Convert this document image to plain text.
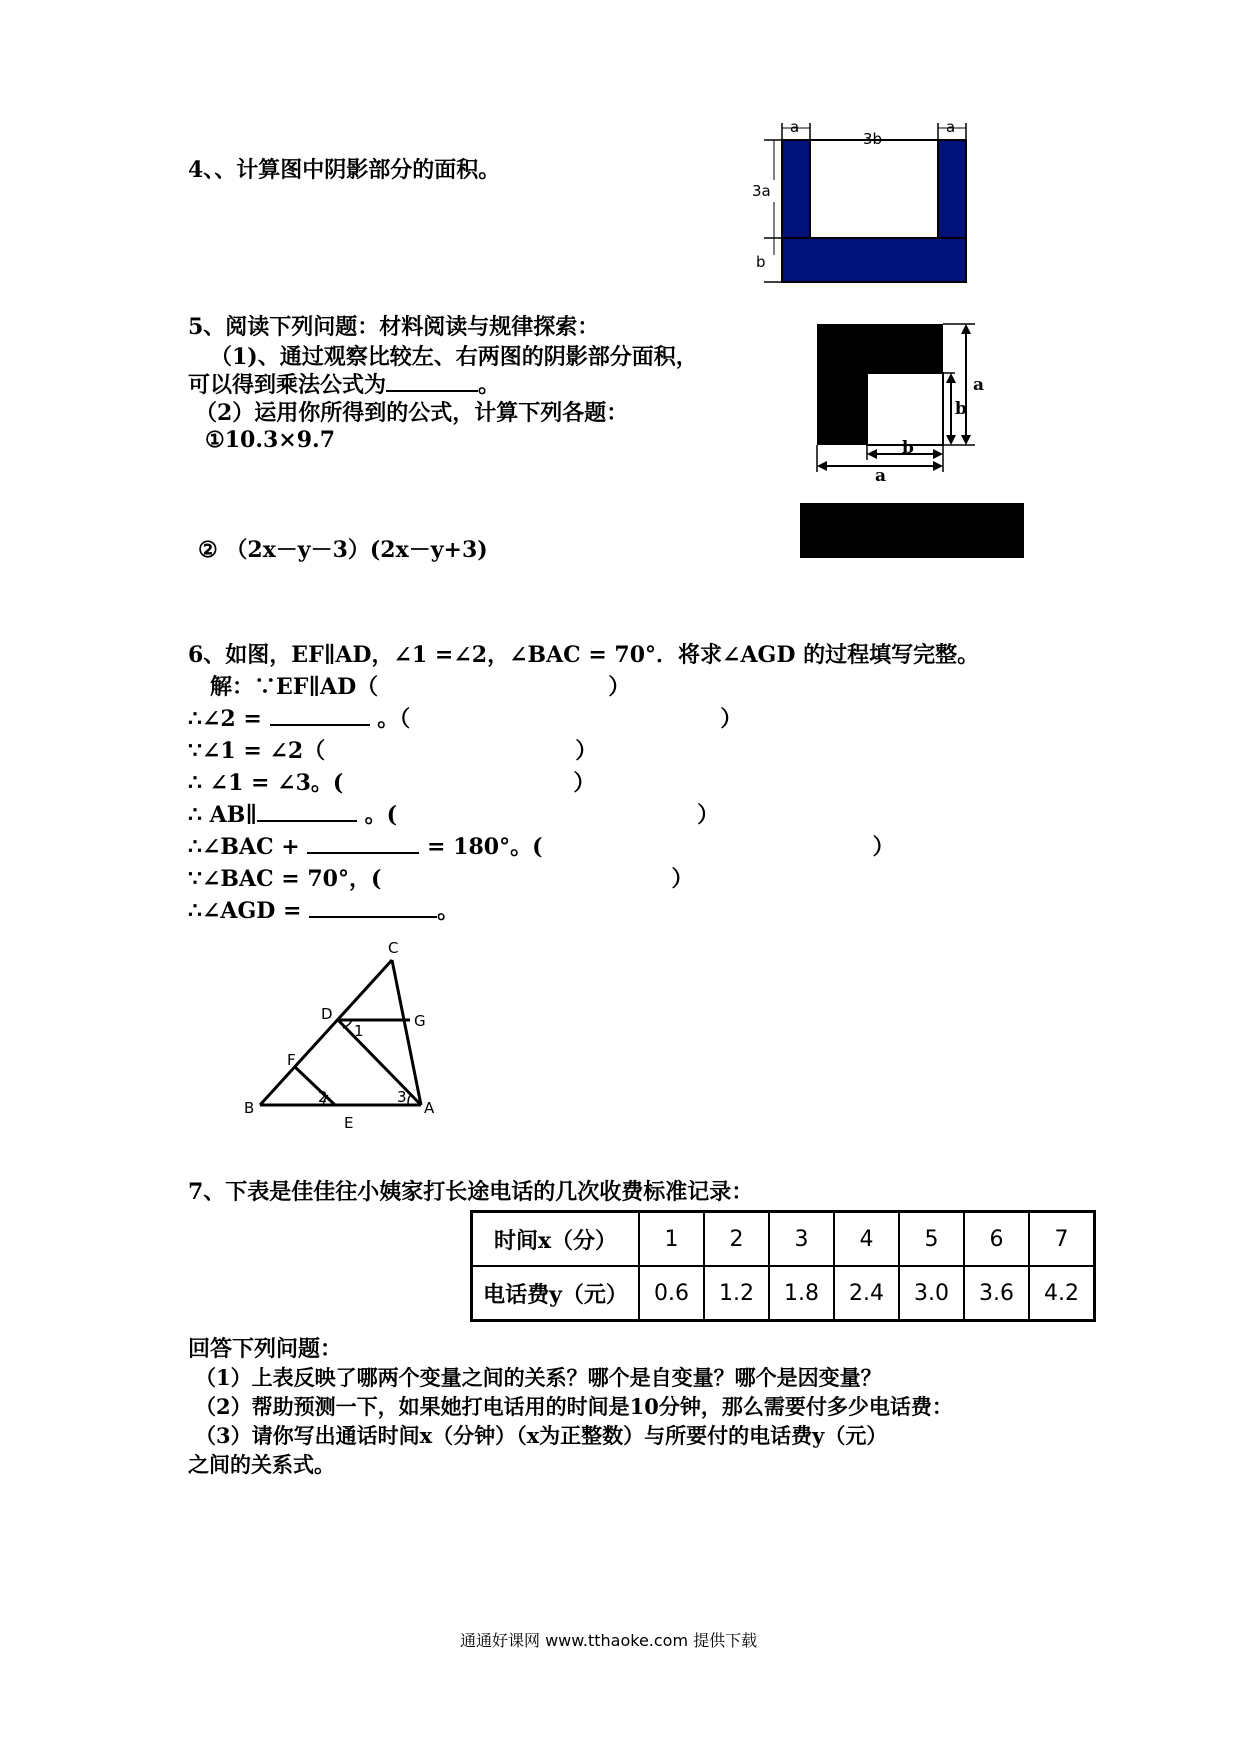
4、、计算图中阴影部分的面积。
a
3b
a
3a
b
5、阅读下列问题：材料阅读与规律探索：
（1)、通过观察比较左、右两图的阴影部分面积，
可以得到乘法公式为	。
（2）运用你所得到的公式，计算下列各题：
①10.3×9.7
② （2x－y－3）(2x－y+3)
a
b
b
a
6、如图，EF∥AD，∠1 =∠2，∠BAC = 70°．将求∠AGD 的过程填写完整。
解：∵EF∥AD（	）
∴∠2 =	。（	）
∵∠1 = ∠2（	）
∴ ∠1 = ∠3。(	）
∴ AB∥	。(	）
∴∠BAC +	= 180°。(	）
∵∠BAC = 70°，(	）
∴∠AGD =	。
C
D	G
1
F
B
2	3
A
E
7、下表是佳佳往小姨家打长途电话的几次收费标准记录：
时间x（分）	1	2	3	4	5	6	7
电话费y（元）	0.6	1.2	1.8	2.4	3.0	3.6	4.2
回答下列问题：
（1）上表反映了哪两个变量之间的关系？哪个是自变量？哪个是因变量？
（2）帮助预测一下，如果她打电话用的时间是10分钟，那么需要付多少电话费：
（3）请你写出通话时间x（分钟）（x为正整数）与所要付的电话费y（元）
之间的关系式。
通通好课网 www.tthaoke.com 提供下载
